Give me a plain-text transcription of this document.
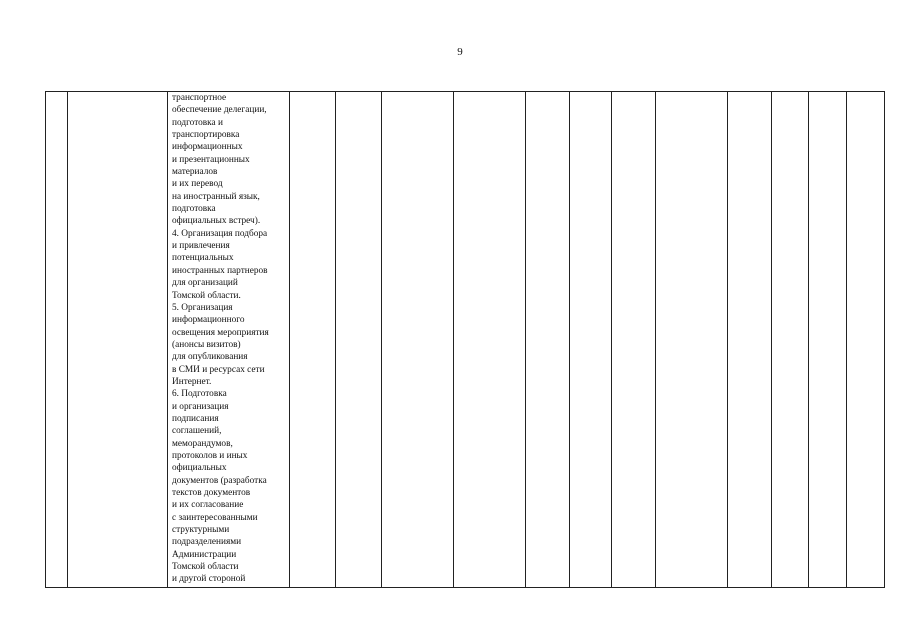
9

транспортное
обеспечение делегации,
подготовка и
транспортировка
информационных
и презентационных
материалов
и их перевод
на иностранный язык,
подготовка
официальных встреч).
4. Организация подбора
и привлечения
потенциальных
иностранных партнеров
для организаций
Томской области.
5. Организация
информационного
освещения мероприятия
(анонсы визитов)
для опубликования
в СМИ и ресурсах сети
Интернет.
6. Подготовка
и организация
подписания
соглашений,
меморандумов,
протоколов и иных
официальных
документов (разработка
текстов документов
и их согласование
с заинтересованными
структурными
подразделениями
Администрации
Томской области
и другой стороной
